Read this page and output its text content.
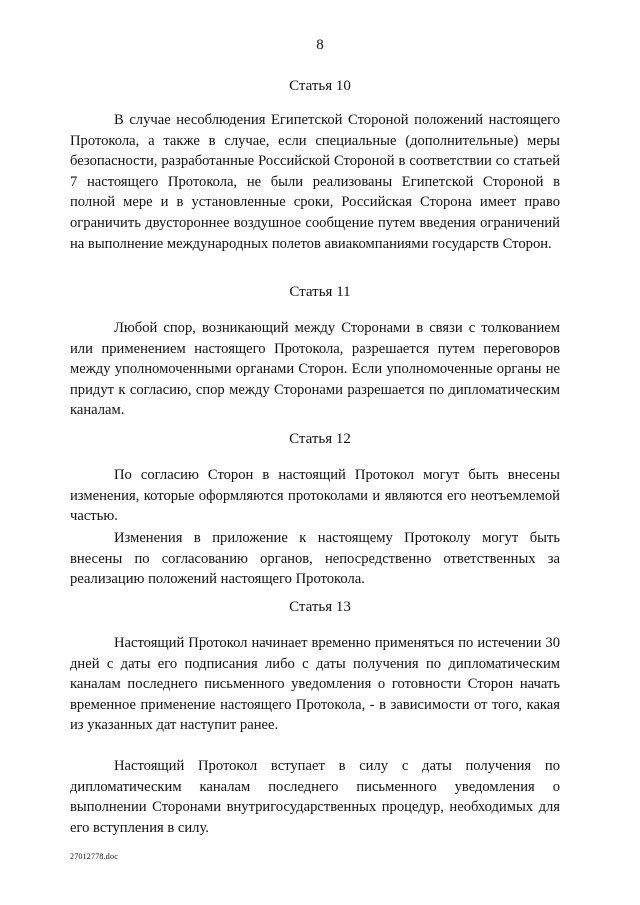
8
Статья 10

В случае несоблюдения Египетской Стороной положений настоящего Протокола, а также в случае, если специальные (дополнительные) меры безопасности, разработанные Российской Стороной в соответствии со статьей 7 настоящего Протокола, не были реализованы Египетской Стороной в полной мере и в установленные сроки, Российская Сторона имеет право ограничить двустороннее воздушное сообщение путем введения ограничений на выполнение международных полетов авиакомпаниями государств Сторон.

Статья 11

Любой спор, возникающий между Сторонами в связи с толкованием или применением настоящего Протокола, разрешается путем переговоров между уполномоченными органами Сторон. Если уполномоченные органы не придут к согласию, спор между Сторонами разрешается по дипломатическим каналам.

Статья 12

По согласию Сторон в настоящий Протокол могут быть внесены изменения, которые оформляются протоколами и являются его неотъемлемой частью.

Изменения в приложение к настоящему Протоколу могут быть внесены по согласованию органов, непосредственно ответственных за реализацию положений настоящего Протокола.

Статья 13

Настоящий Протокол начинает временно применяться по истечении 30 дней с даты его подписания либо с даты получения по дипломатическим каналам последнего письменного уведомления о готовности Сторон начать временное применение настоящего Протокола, - в зависимости от того, какая из указанных дат наступит ранее.

Настоящий Протокол вступает в силу с даты получения по дипломатическим каналам последнего письменного уведомления о выполнении Сторонами внутригосударственных процедур, необходимых для его вступления в силу.

27012778.doc
